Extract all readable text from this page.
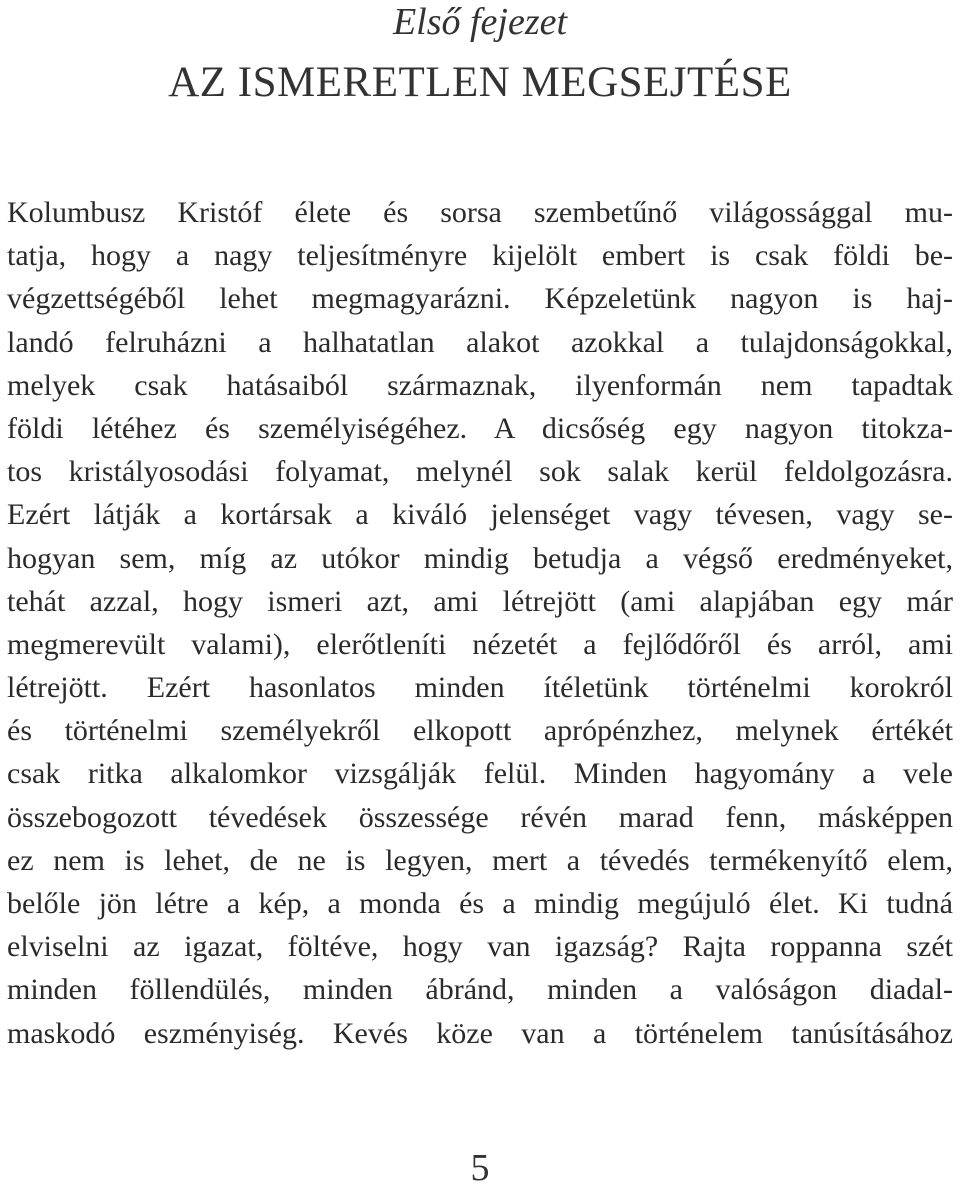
Első fejezet
AZ ISMERETLEN MEGSEJTÉSE
Kolumbusz Kristóf élete és sorsa szembetűnő világossággal mu-
tatja, hogy a nagy teljesítményre kijelölt embert is csak földi be-
végzettségéből lehet megmagyarázni. Képzeletünk nagyon is haj-
landó felruházni a halhatatlan alakot azokkal a tulajdonságokkal,
melyek csak hatásaiból származnak, ilyenformán nem tapadtak
földi létéhez és személyiségéhez. A dicsőség egy nagyon titokza-
tos kristályosodási folyamat, melynél sok salak kerül feldolgozásra.
Ezért látják a kortársak a kiváló jelenséget vagy tévesen, vagy se-
hogyan sem, míg az utókor mindig betudja a végső eredményeket,
tehát azzal, hogy ismeri azt, ami létrejött (ami alapjában egy már
megmerevült valami), elerőtleníti nézetét a fejlődőről és arról, ami
létrejött. Ezért hasonlatos minden ítéletünk történelmi korokról
és történelmi személyekről elkopott aprópénzhez, melynek értékét
csak ritka alkalomkor vizsgálják felül. Minden hagyomány a vele
összebogozott tévedések összessége révén marad fenn, másképpen
ez nem is lehet, de ne is legyen, mert a tévedés termékenyítő elem,
belőle jön létre a kép, a monda és a mindig megújuló élet. Ki tudná
elviselni az igazat, föltéve, hogy van igazság? Rajta roppanna szét
minden föllendülés, minden ábránd, minden a valóságon diadal-
maskodó eszményiség. Kevés köze van a történelem tanúsításához
5
